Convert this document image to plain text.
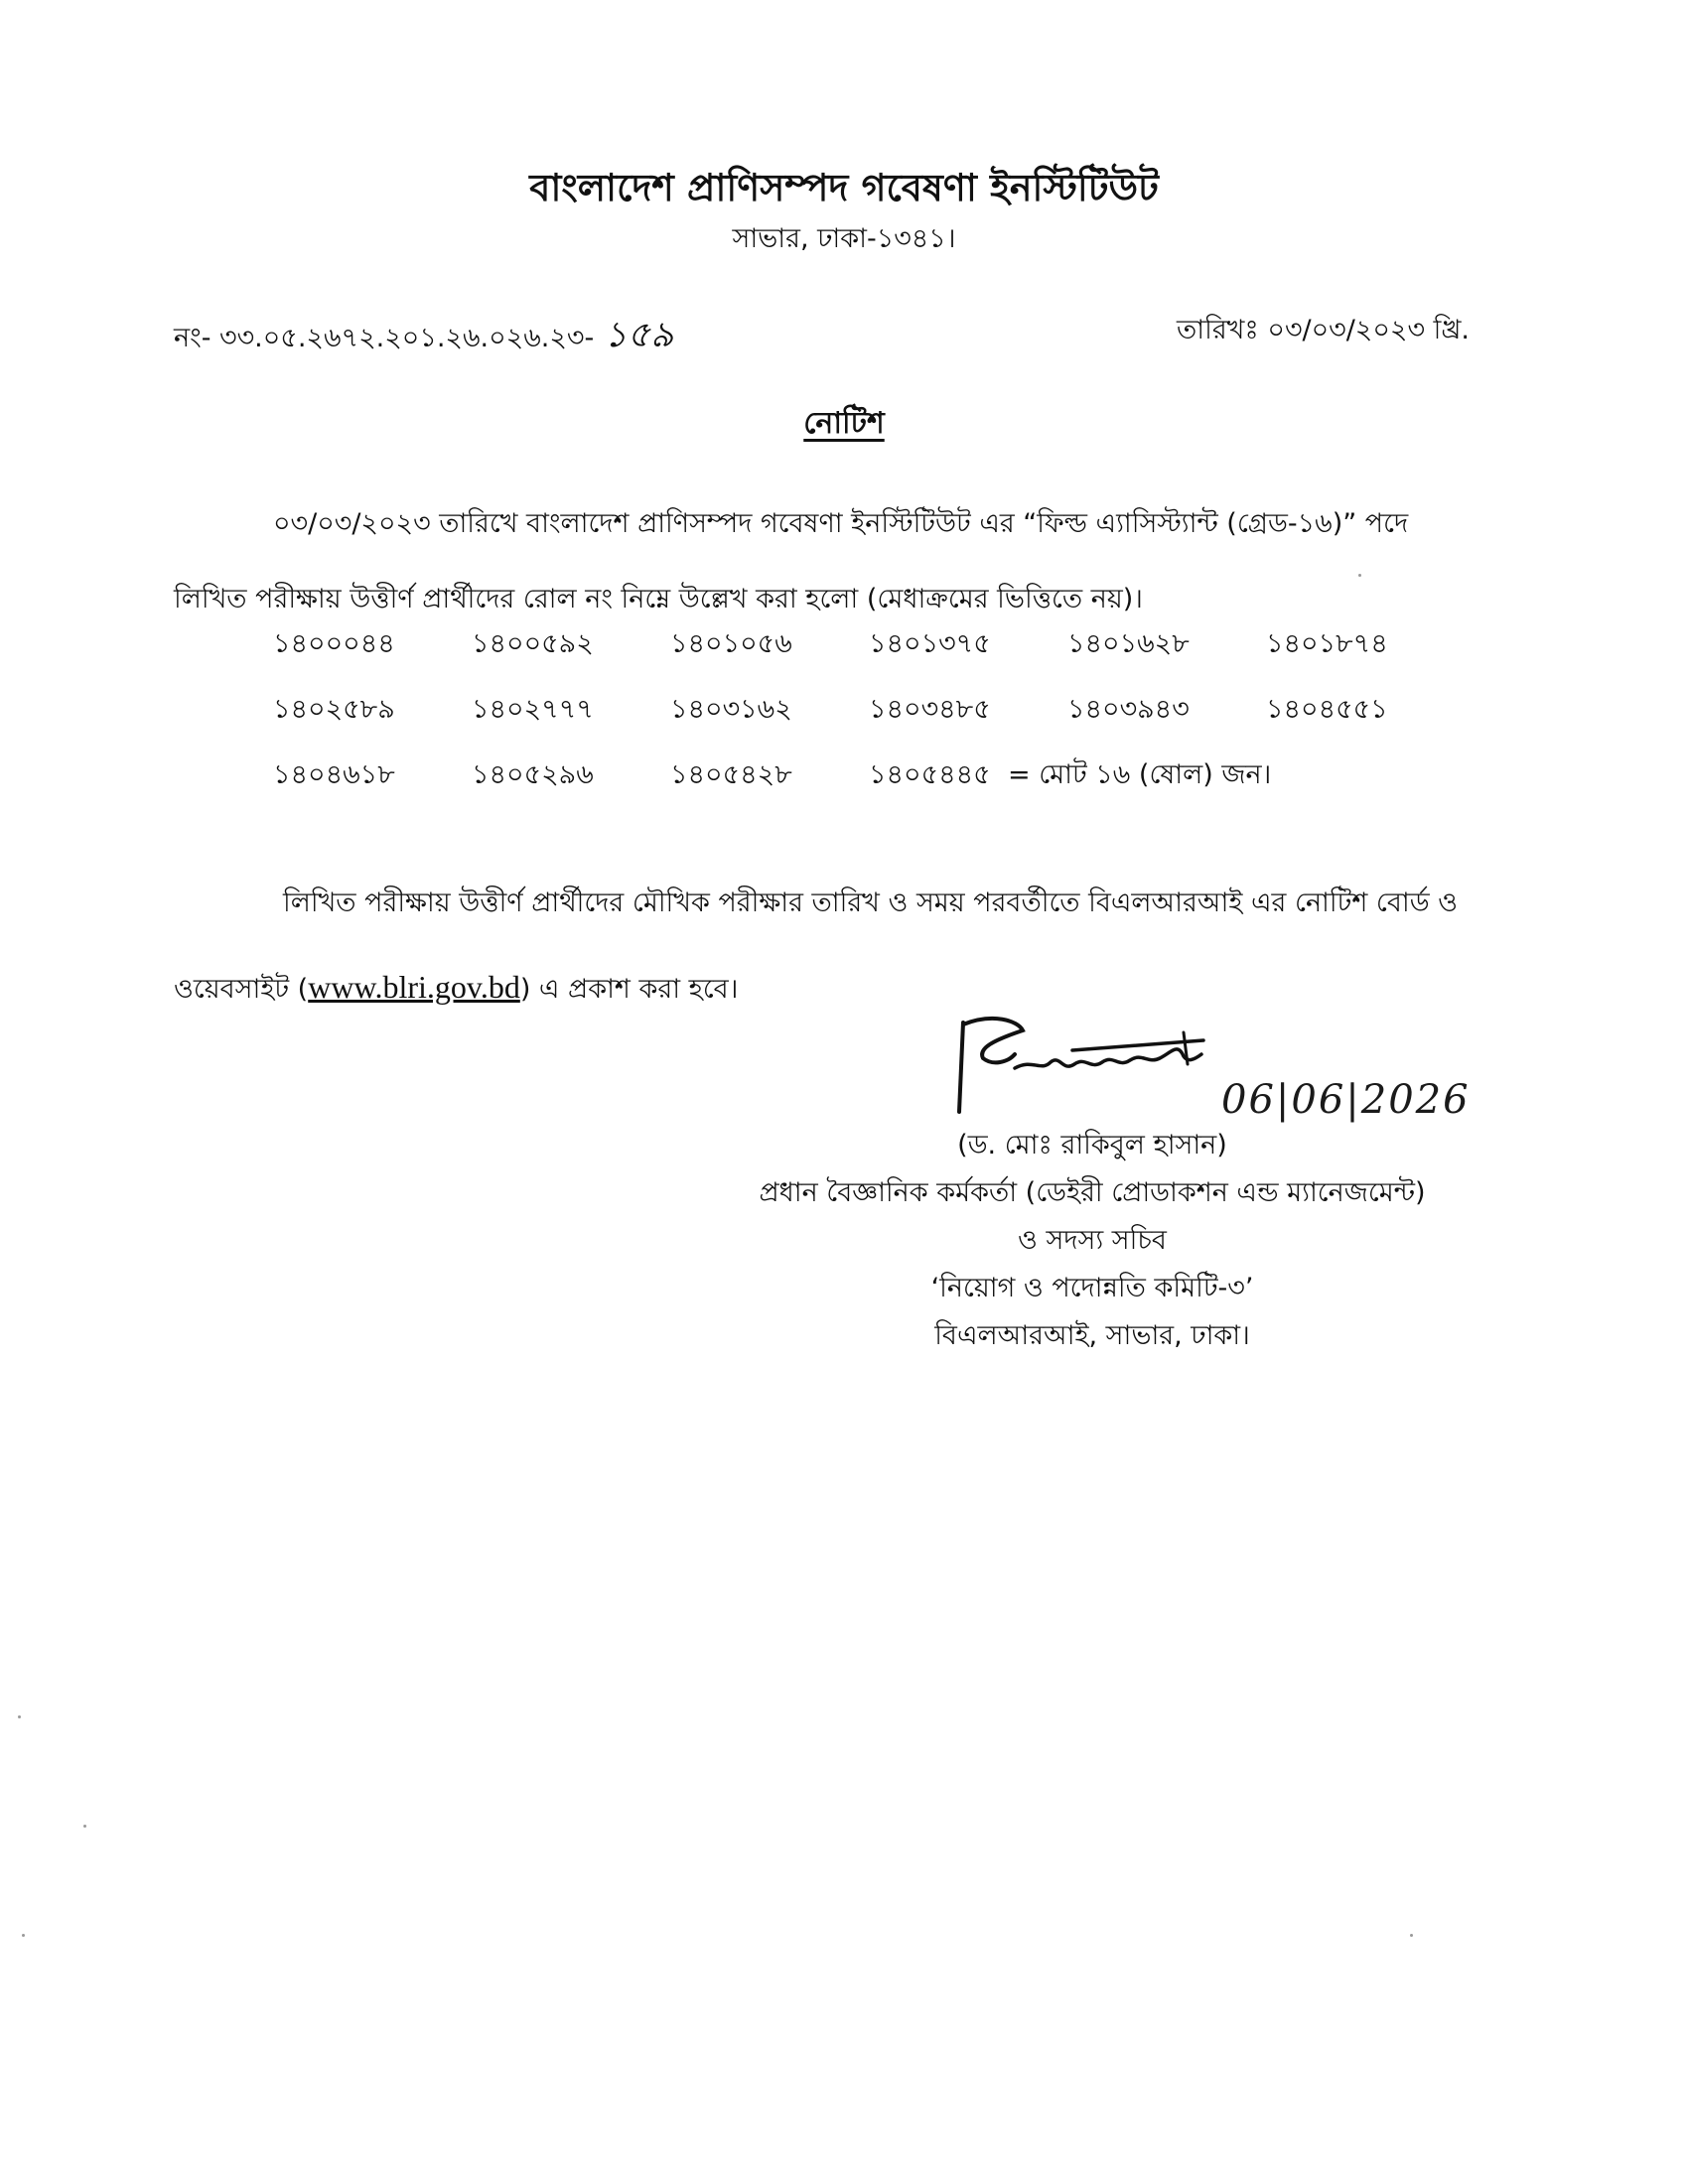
বাংলাদেশ প্রাণিসম্পদ গবেষণা ইনস্টিটিউট
সাভার, ঢাকা-১৩৪১।
নং- ৩৩.০৫.২৬৭২.২০১.২৬.০২৬.২৩- ১৫৯	তারিখঃ ০৩/০৩/২০২৩ খ্রি.
নোটিশ
০৩/০৩/২০২৩ তারিখে বাংলাদেশ প্রাণিসম্পদ গবেষণা ইনস্টিটিউট এর “ফিল্ড এ্যাসিস্ট্যান্ট (গ্রেড-১৬)” পদে লিখিত পরীক্ষায় উত্তীর্ণ প্রার্থীদের রোল নং নিম্নে উল্লেখ করা হলো (মেধাক্রমের ভিত্তিতে নয়)।
১৪০০০৪৪	১৪০০৫৯২	১৪০১০৫৬	১৪০১৩৭৫	১৪০১৬২৮	১৪০১৮৭৪
১৪০২৫৮৯	১৪০২৭৭৭	১৪০৩১৬২	১৪০৩৪৮৫	১৪০৩৯৪৩	১৪০৪৫৫১
১৪০৪৬১৮	১৪০৫২৯৬	১৪০৫৪২৮	১৪০৫৪৪৫ = মোট ১৬ (ষোল) জন।
লিখিত পরীক্ষায় উত্তীর্ণ প্রার্থীদের মৌখিক পরীক্ষার তারিখ ও সময় পরবর্তীতে বিএলআরআই এর নোটিশ বোর্ড ও ওয়েবসাইট (www.blri.gov.bd) এ প্রকাশ করা হবে।
06|06|2026
(ড. মোঃ রাকিবুল হাসান)
প্রধান বৈজ্ঞানিক কর্মকর্তা (ডেইরী প্রোডাকশন এন্ড ম্যানেজমেন্ট)
ও সদস্য সচিব
‘নিয়োগ ও পদোন্নতি কমিটি-৩’
বিএলআরআই, সাভার, ঢাকা।
